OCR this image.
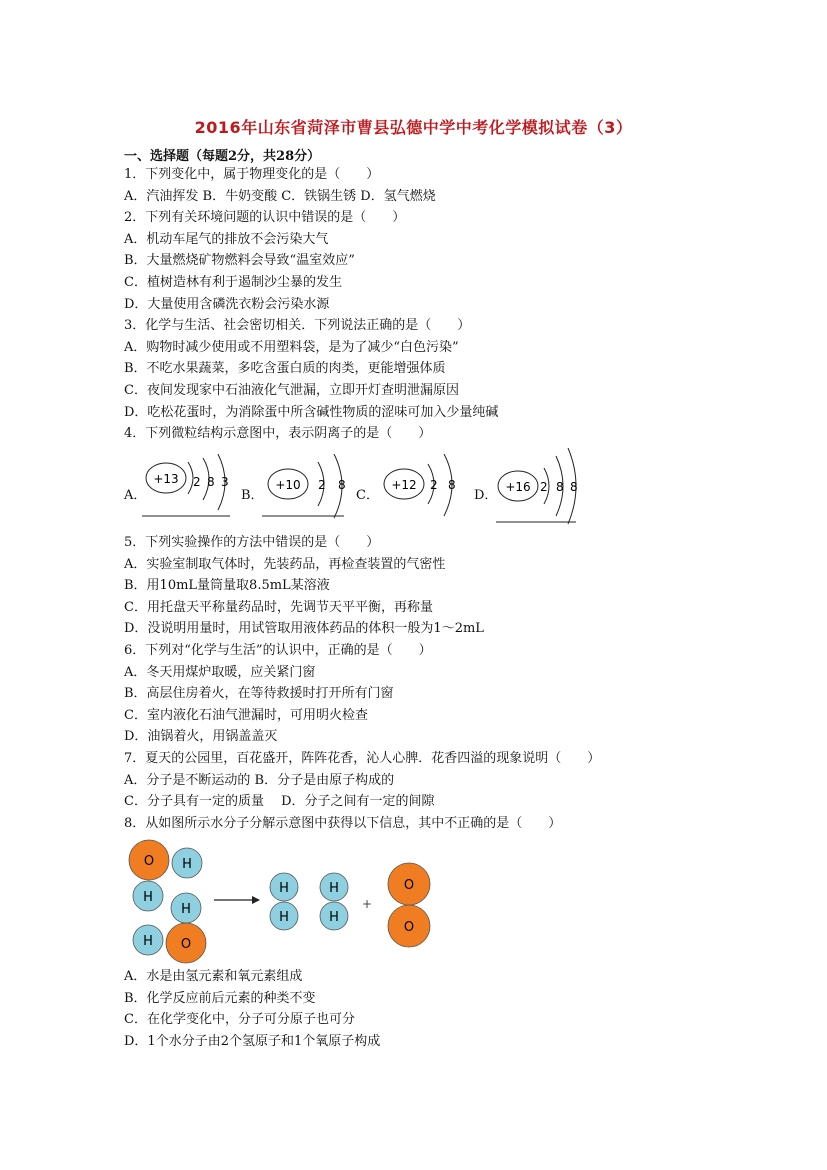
2016年山东省菏泽市曹县弘德中学中考化学模拟试卷（3）
一、选择题（每题2分，共28分）
1．下列变化中，属于物理变化的是（　　）
A．汽油挥发 B．牛奶变酸 C．铁锅生锈 D．氢气燃烧
2．下列有关环境问题的认识中错误的是（　　）
A．机动车尾气的排放不会污染大气
B．大量燃烧矿物燃料会导致“温室效应”
C．植树造林有利于遏制沙尘暴的发生
D．大量使用含磷洗衣粉会污染水源
3．化学与生活、社会密切相关．下列说法正确的是（　　）
A．购物时减少使用或不用塑料袋，是为了减少“白色污染”
B．不吃水果蔬菜，多吃含蛋白质的肉类，更能增强体质
C．夜间发现家中石油液化气泄漏，立即开灯查明泄漏原因
D．吃松花蛋时，为消除蛋中所含碱性物质的涩味可加入少量纯碱
4．下列微粒结构示意图中，表示阴离子的是（　　）
A．
+13 2 8 3
B．
+10 2 8
C．
+12 2 8
D．
+16 2 8 8
5．下列实验操作的方法中错误的是（　　）
A．实验室制取气体时，先装药品，再检查装置的气密性
B．用10mL量筒量取8.5mL某溶液
C．用托盘天平称量药品时，先调节天平平衡，再称量
D．没说明用量时，用试管取用液体药品的体积一般为1～2mL
6．下列对“化学与生活”的认识中，正确的是（　　）
A．冬天用煤炉取暖，应关紧门窗
B．高层住房着火，在等待救援时打开所有门窗
C．室内液化石油气泄漏时，可用明火检查
D．油锅着火，用锅盖盖灭
7．夏天的公园里，百花盛开，阵阵花香，沁人心脾．花香四溢的现象说明（　　）
A．分子是不断运动的 B．分子是由原子构成的
C．分子具有一定的质量　 D．分子之间有一定的间隙
8．从如图所示水分子分解示意图中获得以下信息，其中不正确的是（　　）
O H
H
H
H O
H
H
H
H
+
O
O
A．水是由氢元素和氧元素组成
B．化学反应前后元素的种类不变
C．在化学变化中，分子可分原子也可分
D．1个水分子由2个氢原子和1个氧原子构成
